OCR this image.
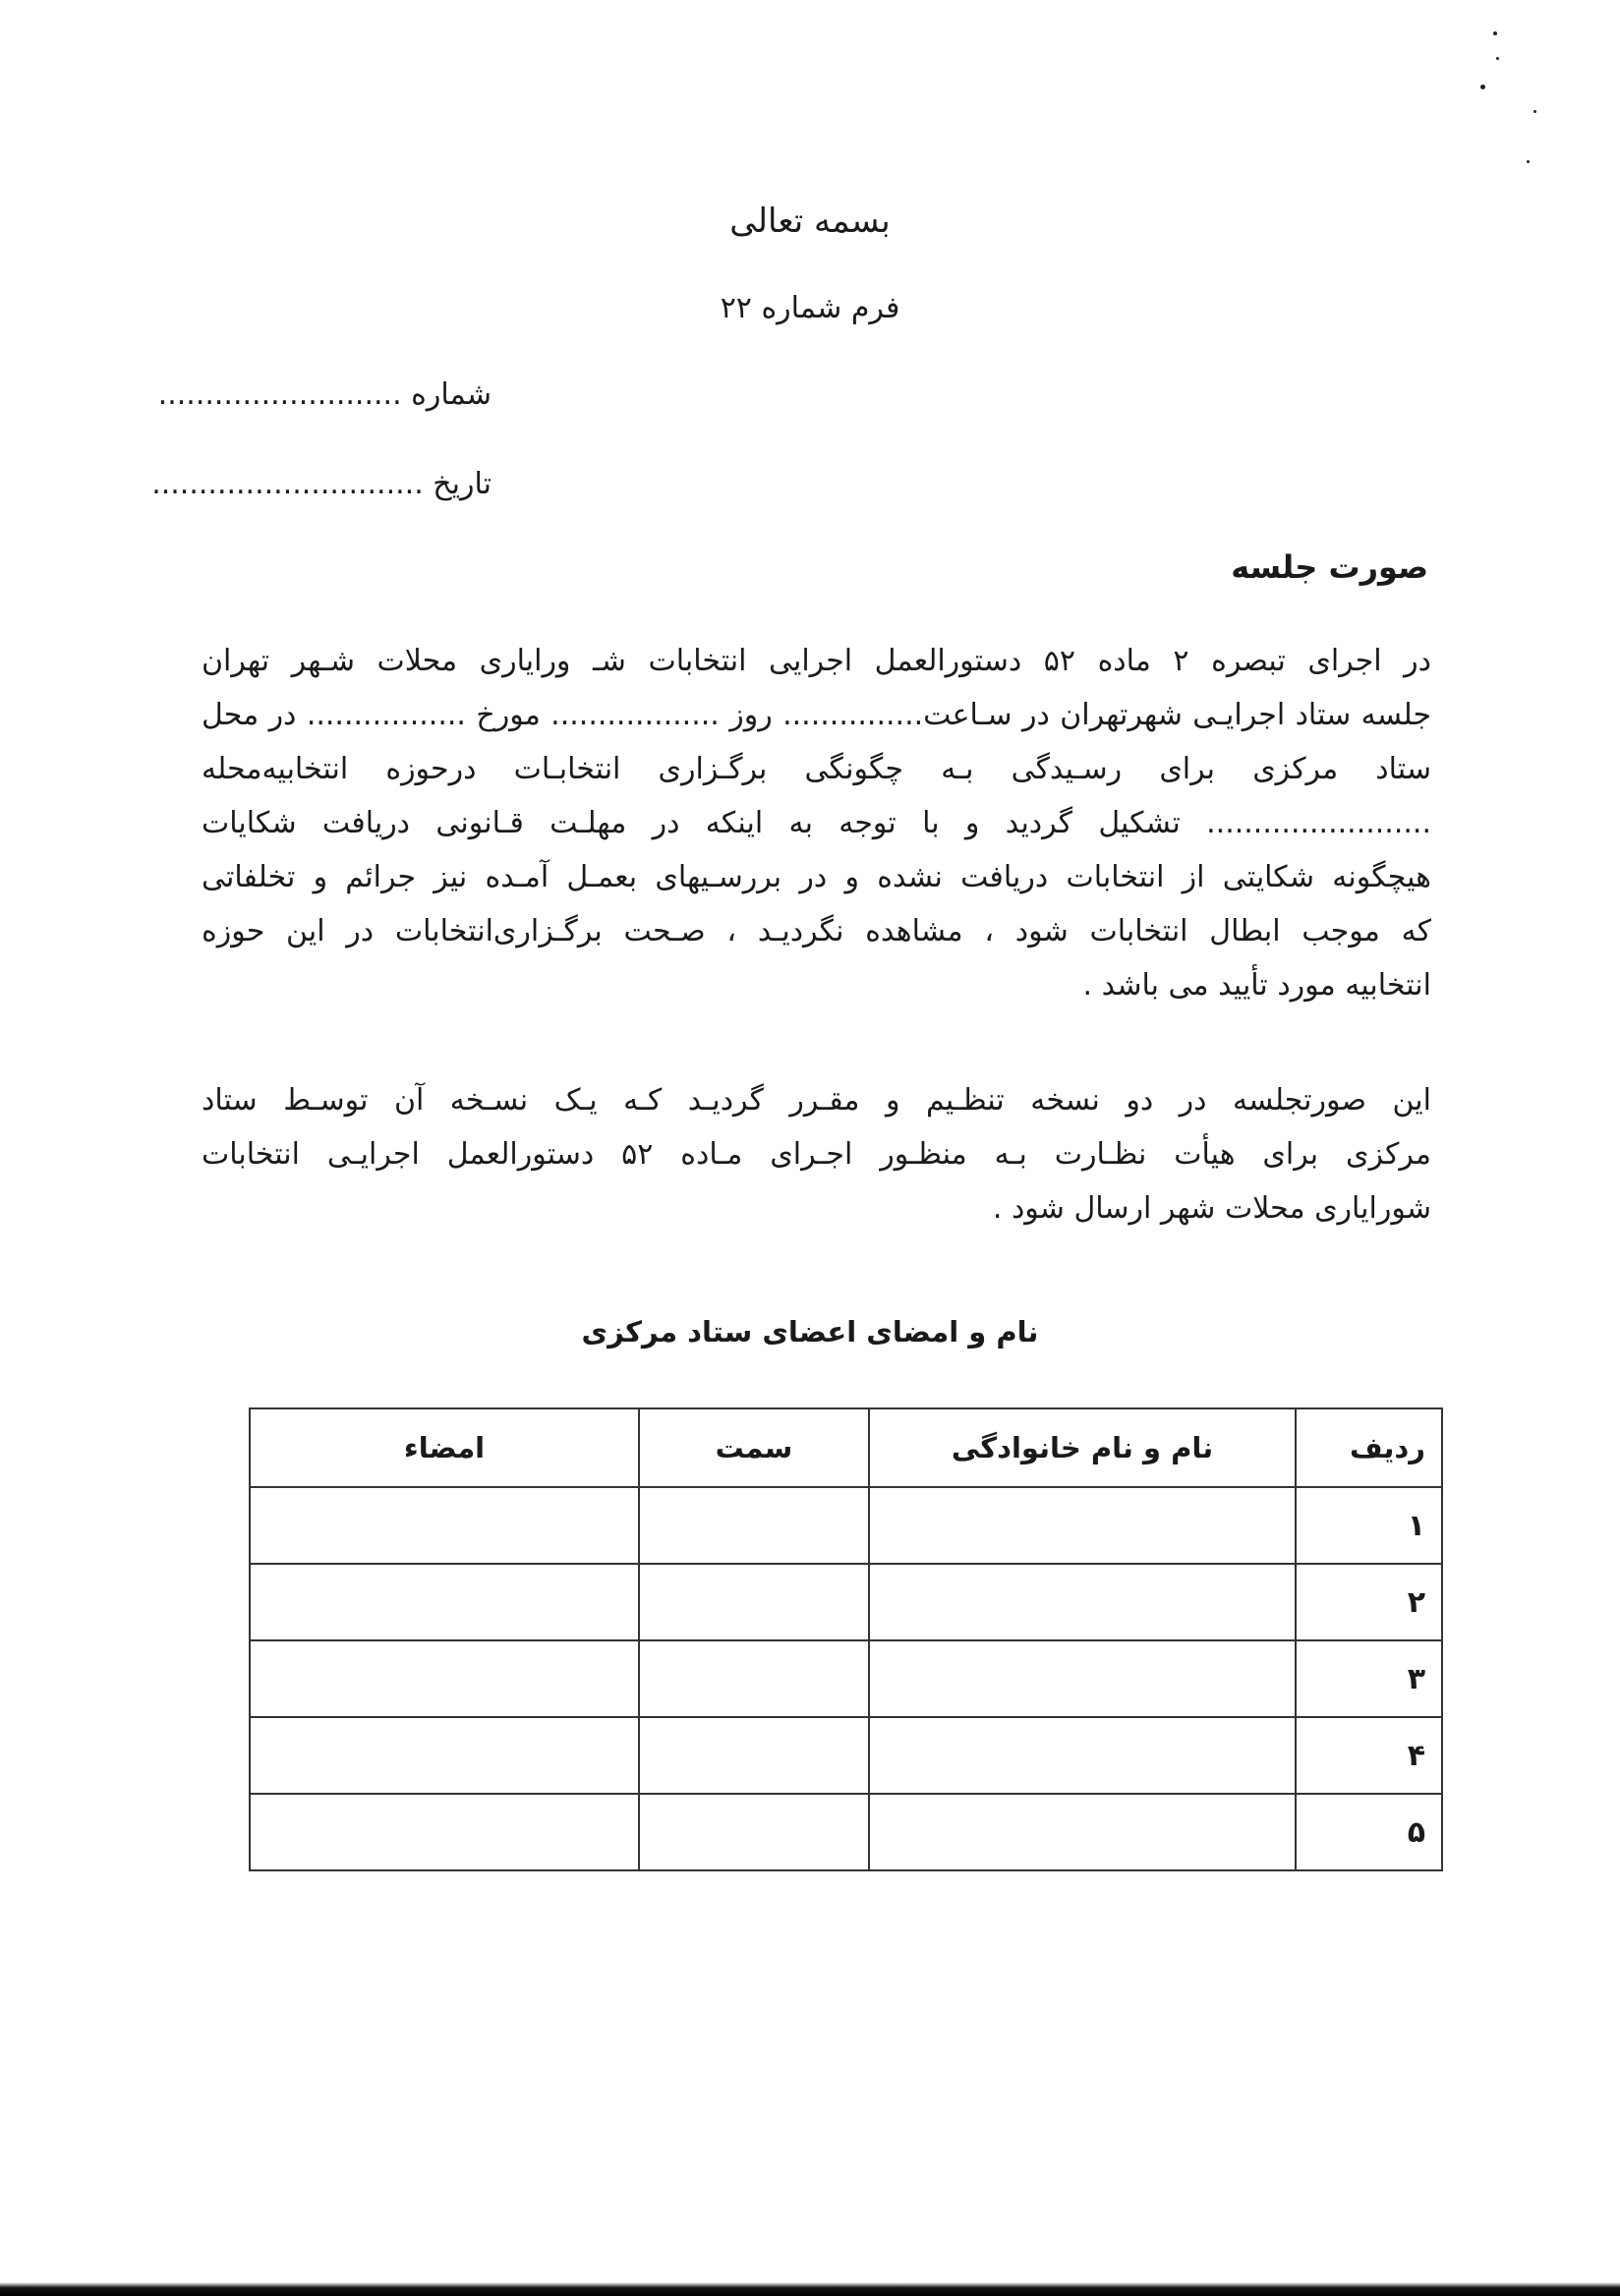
بسمه تعالی
فرم شماره ۲۲
شماره ..........................
تاریخ .............................
صورت جلسه
در اجرای تبصره ۲ ماده ۵۲ دستورالعمل اجرایی انتخابات شـ ورایاری محلات شـهر تهران
جلسه ستاد اجرایـی شهرتهران در سـاعت............... روز .................. مورخ ................. در محل
ستاد مرکزی برای رسـیدگی بـه چگونگی برگـزاری انتخابـات درحوزه انتخابیه‌محله
........................ تشکیل گردید و با توجه به اینکه در مهلـت قـانونی دریافت شکایات
هیچگونه شکایتی از انتخابات دریافت نشده و در بررسـیهای بعمـل آمـده نیز جرائم و تخلفاتی
که موجب ابطال انتخابات شود ، مشاهده نگردیـد ، صـحت برگـزاری‌انتخابات در این حوزه
انتخابیه مورد تأیید می باشد .
این صورتجلسه در دو نسخه تنظـیم و مقـرر گردیـد کـه یـک نسـخه آن توسـط ستاد
مرکزی برای هیأت نظـارت بـه منظـور اجـرای مـاده ۵۲ دستورالعمل اجرایـی انتخابات
شورایاری محلات شهر ارسال شود .
نام و امضای اعضای ستاد مرکزی
ردیف	نام و نام خانوادگی	سمت	امضاء
۱			
۲			
۳			
۴			
۵			
